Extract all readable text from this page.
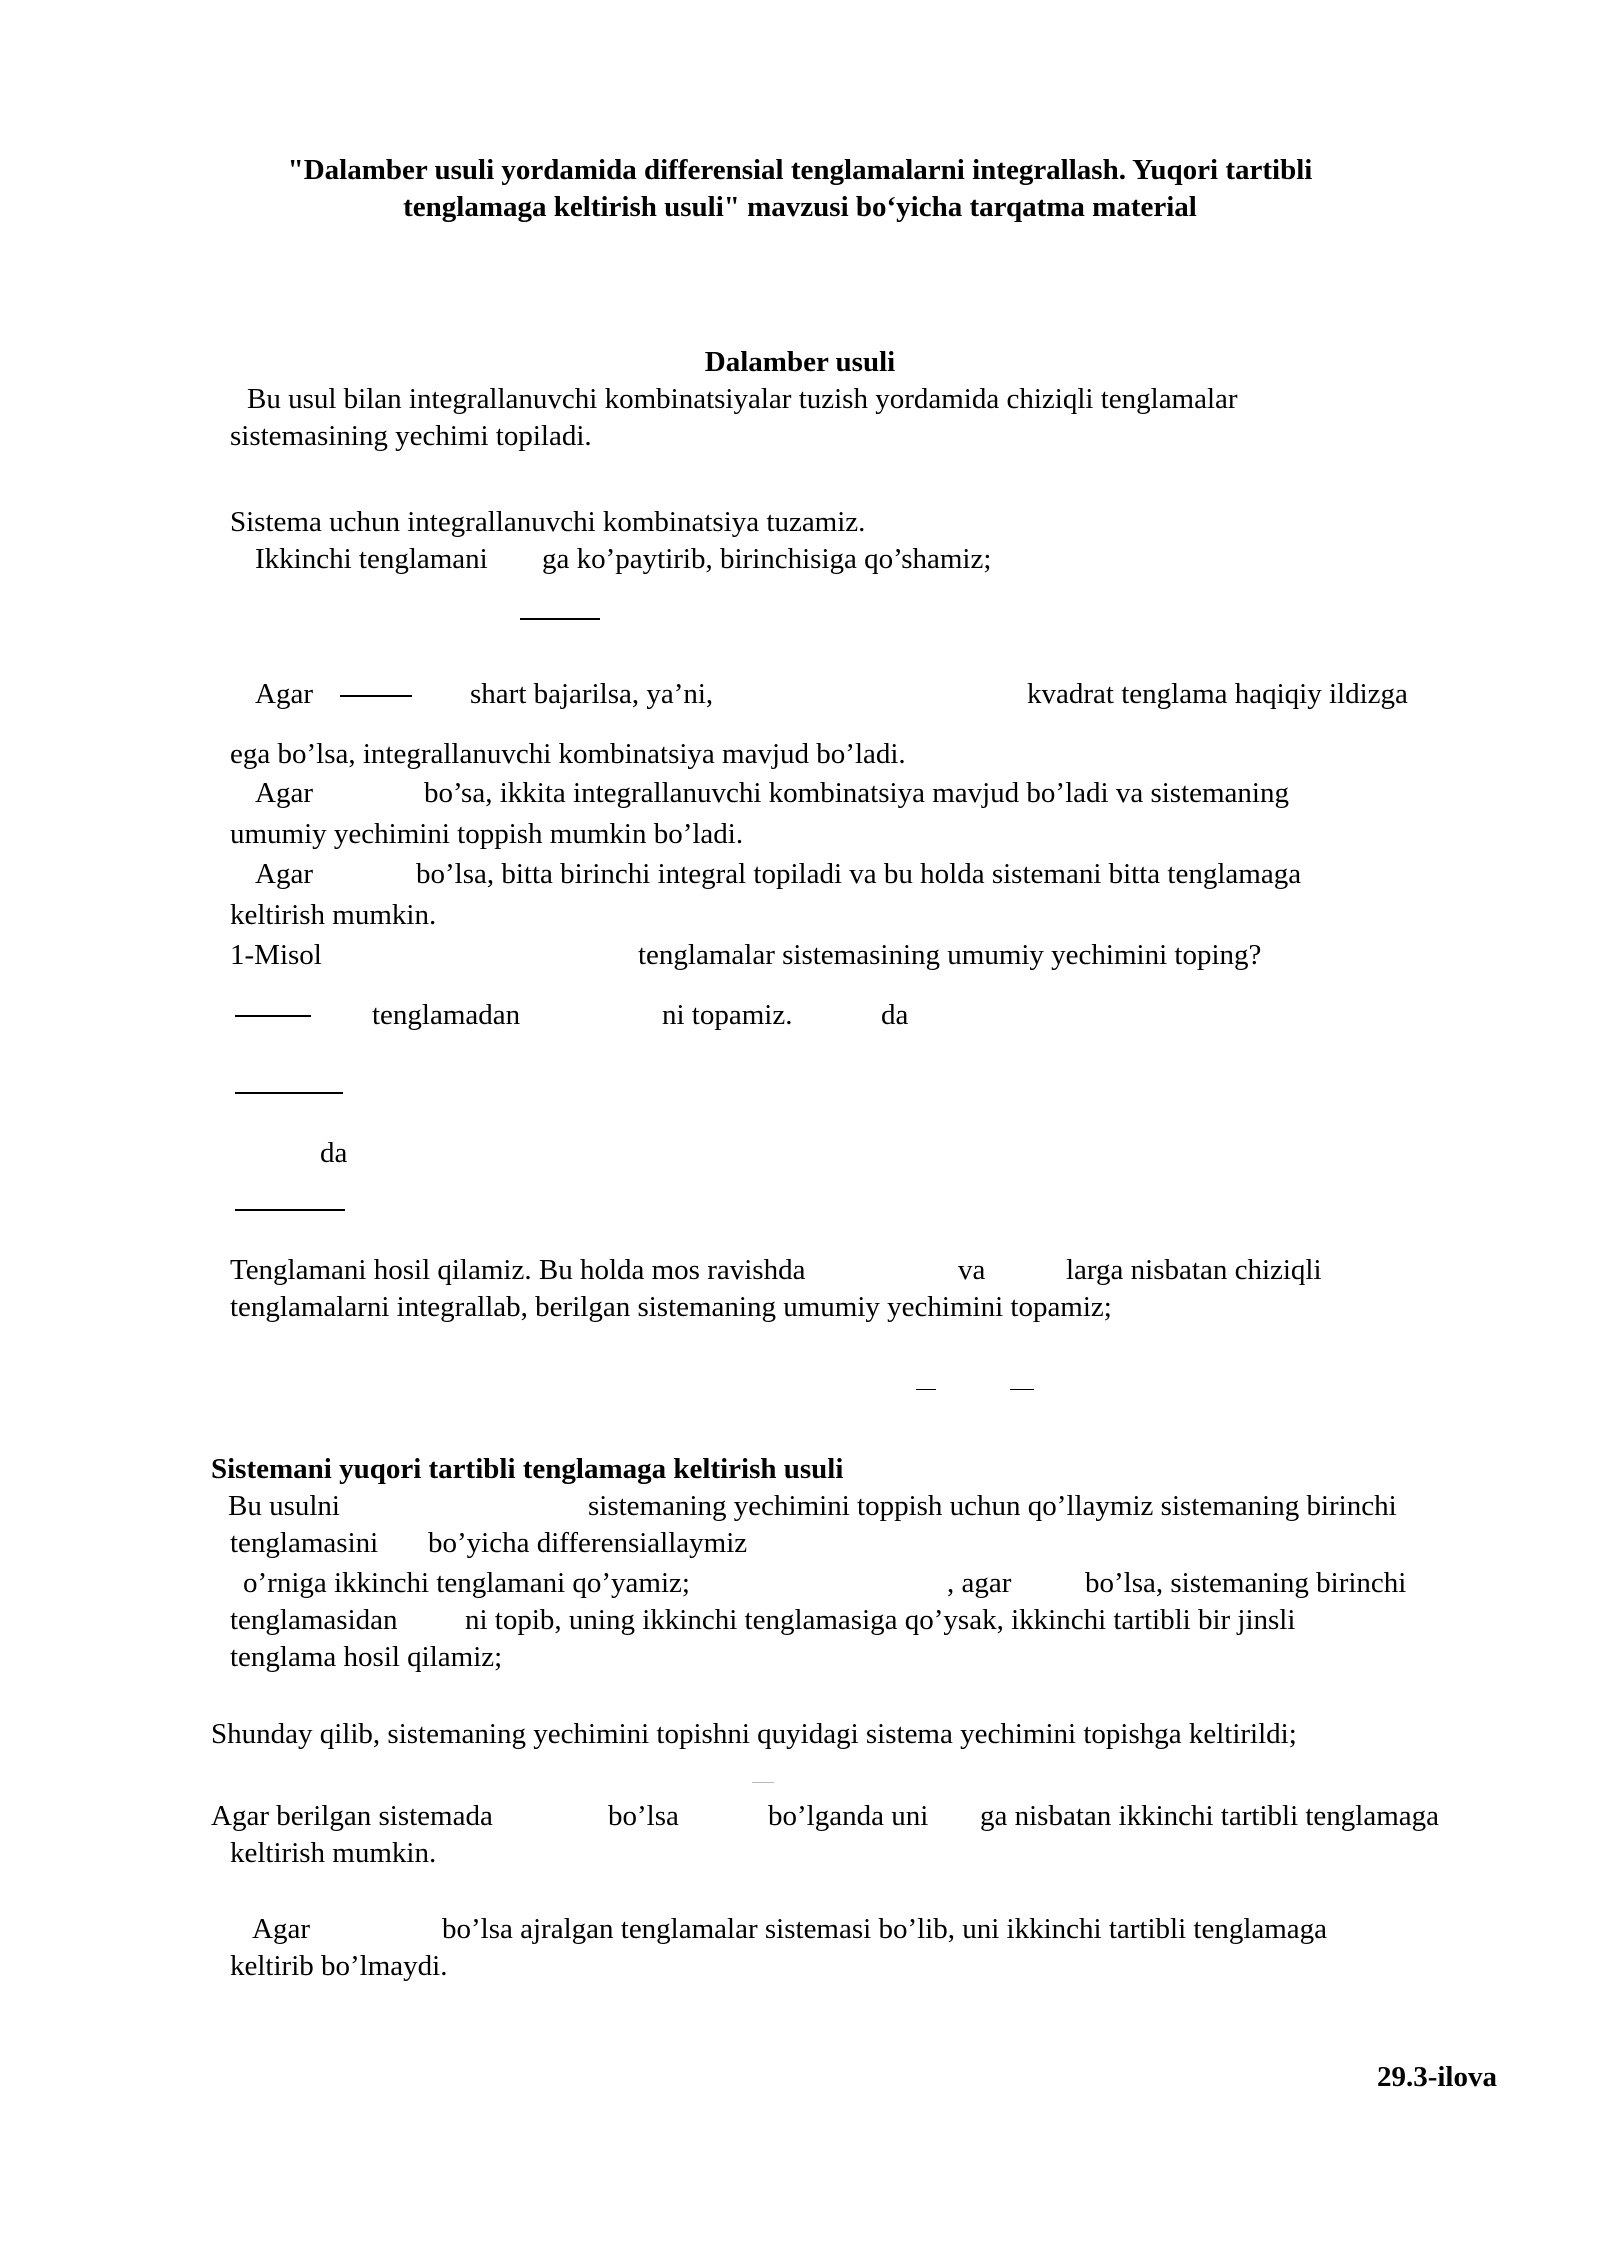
"Dalamber usuli yordamida differensial tenglamalarni integrallash. Yuqori tartibli
tenglamaga keltirish usuli" mavzusi bo‘yicha tarqatma material
Dalamber usuli
Bu usul bilan integrallanuvchi kombinatsiyalar tuzish yordamida chiziqli tenglamalar
sistemasining yechimi topiladi.
Sistema uchun integrallanuvchi kombinatsiya tuzamiz.
Ikkinchi tenglamani ga ko’paytirib, birinchisiga qo’shamiz;
Agar	shart bajarilsa, ya’ni,	kvadrat tenglama haqiqiy ildizga
ega bo’lsa, integrallanuvchi kombinatsiya mavjud bo’ladi.
Agar	bo’sa, ikkita integrallanuvchi kombinatsiya mavjud bo’ladi va sistemaning
umumiy yechimini toppish mumkin bo’ladi.
Agar	bo’lsa, bitta birinchi integral topiladi va bu holda sistemani bitta tenglamaga
keltirish mumkin.
1-Misol	tenglamalar sistemasining umumiy yechimini toping?
tenglamadan	ni topamiz.	da
da
Tenglamani hosil qilamiz. Bu holda mos ravishda	va	larga nisbatan chiziqli
tenglamalarni integrallab, berilgan sistemaning umumiy yechimini topamiz;
Sistemani yuqori tartibli tenglamaga keltirish usuli
Bu usulni	sistemaning yechimini toppish uchun qo’llaymiz sistemaning birinchi
tenglamasini bo’yicha differensiallaymiz
o’rniga ikkinchi tenglamani qo’yamiz;	, agar	bo’lsa, sistemaning birinchi
tenglamasidan ni topib, uning ikkinchi tenglamasiga qo’ysak, ikkinchi tartibli bir jinsli
tenglama hosil qilamiz;
Shunday qilib, sistemaning yechimini topishni quyidagi sistema yechimini topishga keltirildi;
Agar berilgan sistemada	bo’lsa	bo’lganda uni ga nisbatan ikkinchi tartibli tenglamaga
keltirish mumkin.
Agar	bo’lsa ajralgan tenglamalar sistemasi bo’lib, uni ikkinchi tartibli tenglamaga
keltirib bo’lmaydi.
29.3-ilova
